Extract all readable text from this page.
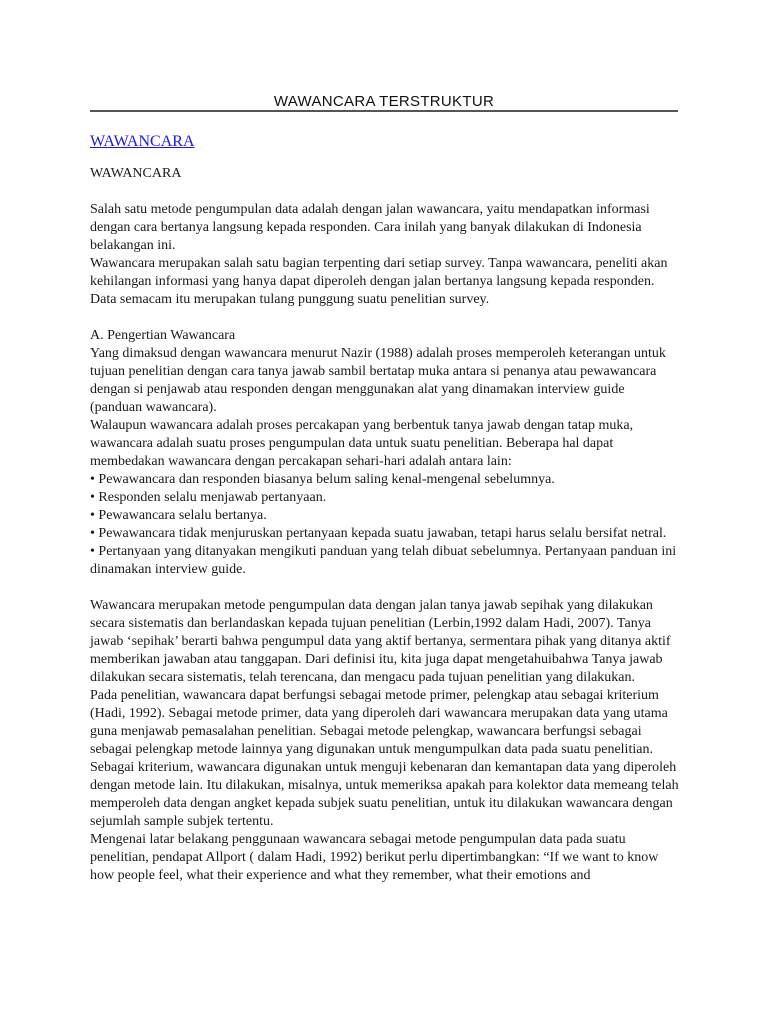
WAWANCARA TERSTRUKTUR
WAWANCARA

WAWANCARA

Salah satu metode pengumpulan data adalah dengan jalan wawancara, yaitu mendapatkan informasi dengan cara bertanya langsung kepada responden. Cara inilah yang banyak dilakukan di Indonesia belakangan ini.

Wawancara merupakan salah satu bagian terpenting dari setiap survey. Tanpa wawancara, peneliti akan kehilangan informasi yang hanya dapat diperoleh dengan jalan bertanya langsung kepada responden. Data semacam itu merupakan tulang punggung suatu penelitian survey.

A. Pengertian Wawancara

Yang dimaksud dengan wawancara menurut Nazir (1988) adalah proses memperoleh keterangan untuk tujuan penelitian dengan cara tanya jawab sambil bertatap muka antara si penanya atau pewawancara dengan si penjawab atau responden dengan menggunakan alat yang dinamakan interview guide (panduan wawancara).

Walaupun wawancara adalah proses percakapan yang berbentuk tanya jawab dengan tatap muka, wawancara adalah suatu proses pengumpulan data untuk suatu penelitian. Beberapa hal dapat membedakan wawancara dengan percakapan sehari-hari adalah antara lain:

• Pewawancara dan responden biasanya belum saling kenal-mengenal sebelumnya.
• Responden selalu menjawab pertanyaan.
• Pewawancara selalu bertanya.
• Pewawancara tidak menjuruskan pertanyaan kepada suatu jawaban, tetapi harus selalu bersifat netral.
• Pertanyaan yang ditanyakan mengikuti panduan yang telah dibuat sebelumnya. Pertanyaan panduan ini dinamakan interview guide.

Wawancara merupakan metode pengumpulan data dengan jalan tanya jawab sepihak yang dilakukan secara sistematis dan berlandaskan kepada tujuan penelitian (Lerbin,1992 dalam Hadi, 2007). Tanya jawab ‘sepihak’ berarti bahwa pengumpul data yang aktif bertanya, sermentara pihak yang ditanya aktif memberikan jawaban atau tanggapan. Dari definisi itu, kita juga dapat mengetahuibahwa Tanya jawab dilakukan secara sistematis, telah terencana, dan mengacu pada tujuan penelitian yang dilakukan.

Pada penelitian, wawancara dapat berfungsi sebagai metode primer, pelengkap atau sebagai kriterium (Hadi, 1992). Sebagai metode primer, data yang diperoleh dari wawancara merupakan data yang utama guna menjawab pemasalahan penelitian. Sebagai metode pelengkap, wawancara berfungsi sebagai sebagai pelengkap metode lainnya yang digunakan untuk mengumpulkan data pada suatu penelitian. Sebagai kriterium, wawancara digunakan untuk menguji kebenaran dan kemantapan data yang diperoleh dengan metode lain. Itu dilakukan, misalnya, untuk memeriksa apakah para kolektor data memeang telah memperoleh data dengan angket kepada subjek suatu penelitian, untuk itu dilakukan wawancara dengan sejumlah sample subjek tertentu.

Mengenai latar belakang penggunaan wawancara sebagai metode pengumpulan data pada suatu penelitian, pendapat Allport ( dalam Hadi, 1992) berikut perlu dipertimbangkan: “If we want to know how people feel, what their experience and what they remember, what their emotions and
